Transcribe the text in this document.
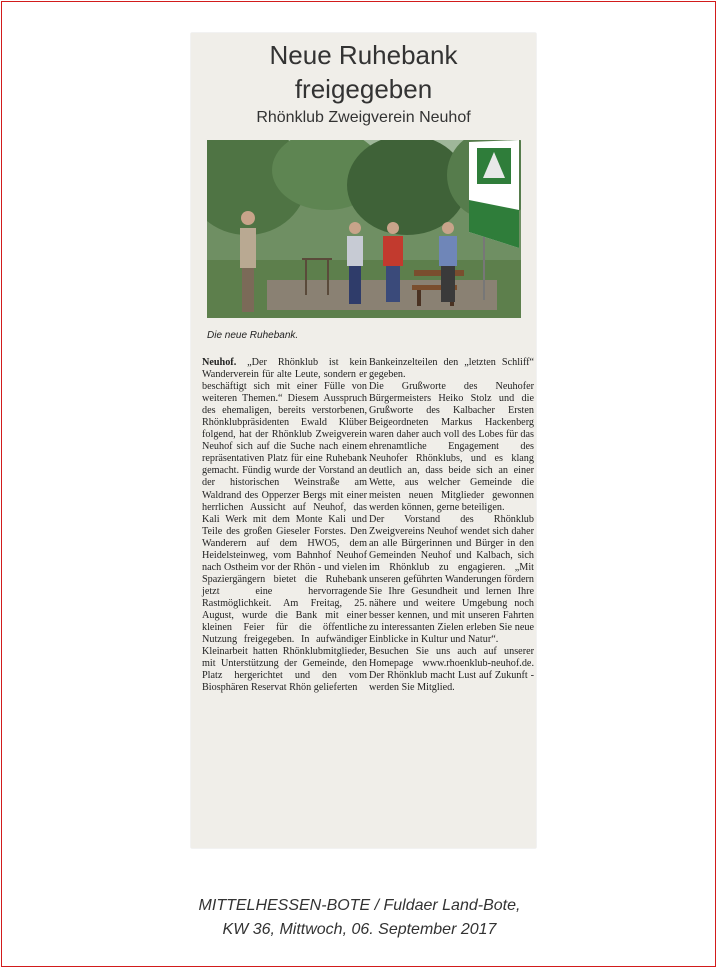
Neue Ruhebank
freigegeben
Rhönklub Zweigverein Neuhof
Die neue Ruhebank.

Neuhof. „Der Rhönklub ist kein Wanderverein für alte Leute, sondern er beschäftigt sich mit einer Fülle von weiteren Themen.“ Diesem Ausspruch des ehemaligen, bereits verstorbenen, Rhönklubpräsidenten Ewald Klüber folgend, hat der Rhönklub Zweigverein Neuhof sich auf die Suche nach einem repräsentativen Platz für eine Ruhebank gemacht. Fündig wurde der Vorstand an der historischen Weinstraße am Waldrand des Opperzer Bergs mit einer herrlichen Aussicht auf Neuhof, das Kali Werk mit dem Monte Kali und Teile des großen Gieseler Forstes. Den Wanderern auf dem HWO5, dem Heidelsteinweg, vom Bahnhof Neuhof nach Ostheim vor der Rhön - und vielen Spaziergängern bietet die Ruhebank jetzt eine hervorragende Rastmöglichkeit. Am Freitag, 25. August, wurde die Bank mit einer kleinen Feier für die öffentliche Nutzung freigegeben. In aufwändiger Kleinarbeit hatten Rhönklubmitglieder, mit Unterstützung der Gemeinde, den Platz hergerichtet und den vom Biosphären Reservat Rhön gelieferten

Bankeinzelteilen den „letzten Schliff“ gegeben.

Die Grußworte des Neuhofer Bürgermeisters Heiko Stolz und die Grußworte des Kalbacher Ersten Beigeordneten Markus Hackenberg waren daher auch voll des Lobes für das ehrenamtliche Engagement des Neuhofer Rhönklubs, und es klang deutlich an, dass beide sich an einer Wette, aus welcher Gemeinde die meisten neuen Mitglieder gewonnen werden können, gerne beteiligen.

Der Vorstand des Rhönklub Zweigvereins Neuhof wendet sich daher an alle Bürgerinnen und Bürger in den Gemeinden Neuhof und Kalbach, sich im Rhönklub zu engagieren. „Mit unseren geführten Wanderungen fördern Sie Ihre Gesundheit und lernen Ihre nähere und weitere Umgebung noch besser kennen, und mit unseren Fahrten zu interessanten Zielen erleben Sie neue Einblicke in Kultur und Natur“.

Besuchen Sie uns auch auf unserer Homepage www.rhoenklub-neuhof.de. Der Rhönklub macht Lust auf Zukunft - werden Sie Mitglied.

MITTELHESSEN-BOTE / Fuldaer Land-Bote,
KW 36, Mittwoch, 06. September 2017
